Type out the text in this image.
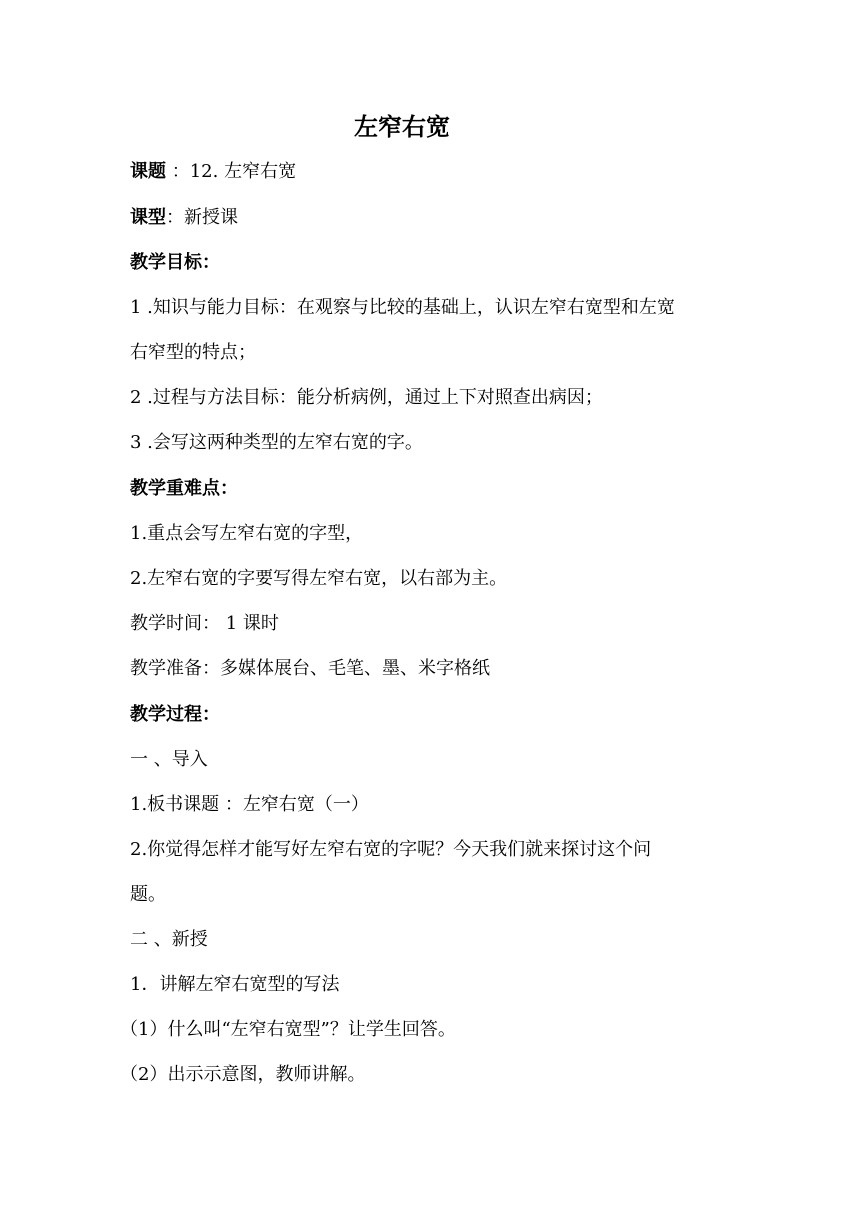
左窄右宽
课题 ：12. 左窄右宽
课型：新授课
教学目标：
1 .知识与能力目标：在观察与比较的基础上，认识左窄右宽型和左宽
右窄型的特点；
2 .过程与方法目标：能分析病例，通过上下对照查出病因；
3 .会写这两种类型的左窄右宽的字。
教学重难点：
1.重点会写左窄右宽的字型，
2.左窄右宽的字要写得左窄右宽，以右部为主。
教学时间： 1 课时
教学准备：多媒体展台、毛笔、墨、米字格纸
教学过程：
一 、导入
1.板书课题 ：左窄右宽（一）
2.你觉得怎样才能写好左窄右宽的字呢？今天我们就来探讨这个问
题。
二 、新授
1．讲解左窄右宽型的写法
（1）什么叫“左窄右宽型”？让学生回答。
（2）出示示意图，教师讲解。
